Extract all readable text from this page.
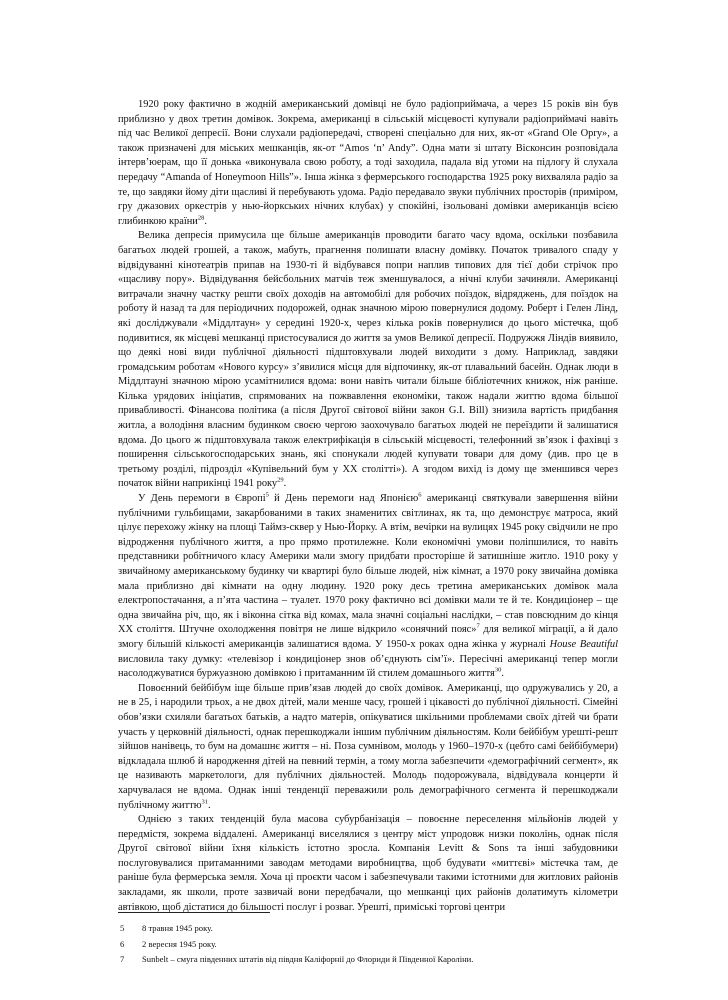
1920 року фактично в жодній американський домівці не було радіоприймача, а через 15 років він був приблизно у двох третин домівок. Зокрема, американці в сільській місцевості купували радіоприймачі навіть під час Великої депресії. Вони слухали радіопередачі, створені спеціально для них, як-от «Grand Ole Opry», а також призначені для міських мешканців, як-от “Amos ‘n’ Andy”. Одна мати зі штату Вісконсин розповідала інтерв’юерам, що її донька «виконувала свою роботу, а тоді заходила, падала від утоми на підлогу й слухала передачу “Amanda of Honeymoon Hills”». Інша жінка з фермерського господарства 1925 року вихваляла радіо за те, що завдяки йому діти щасливі й перебувають удома. Радіо передавало звуки публічних просторів (приміром, гру джазових оркестрів у нью-йоркських нічних клубах) у спокійні, ізольовані домівки американців всією глибинкою країни$^{28}$.

Велика депресія примусила ще більше американців проводити багато часу вдома, оскільки позбавила багатьох людей грошей, а також, мабуть, прагнення полишати власну домівку. Початок тривалого спаду у відвідуванні кінотеатрів припав на 1930-ті й відбувався попри наплив типових для тієї доби стрічок про «щасливу пору». Відвідування бейсбольних матчів теж зменшувалося, а нічні клуби зачиняли. Американці витрачали значну частку решти своїх доходів на автомобілі для робочих поїздок, відряджень, для поїздок на роботу й назад та для періодичних подорожей, однак значною мірою повернулися додому. Роберт і Гелен Лінд, які досліджували «Міддлтаун» у середині 1920-х, через кілька років повернулися до цього містечка, щоб подивитися, як місцеві мешканці пристосувалися до життя за умов Великої депресії. Подружжя Ліндів виявило, що деякі нові види публічної діяльності підштовхували людей виходити з дому. Наприклад, завдяки громадським роботам «Нового курсу» з’явилися місця для відпочинку, як-от плавальний басейн. Однак люди в Міддлтауні значною мірою усамітнилися вдома: вони навіть читали більше бібліотечних книжок, ніж раніше. Кілька урядових ініціатив, спрямованих на пожвавлення економіки, також надали життю вдома більшої привабливості. Фінансова політика (а після Другої світової війни закон G.I. Bill) знизила вартість придбання житла, а володіння власним будинком своєю чергою заохочувало багатьох людей не переїздити й залишатися вдома. До цього ж підштовхувала також електрифікація в сільській місцевості, телефонний зв’язок і фахівці з поширення сільськогосподарських знань, які спонукали людей купувати товари для дому (див. про це в третьому розділі, підрозділ «Купівельний бум у XX столітті»). А згодом вихід із дому ще зменшився через початок війни наприкінці 1941 року$^{29}$.

У День перемоги в Європі$^5$ й День перемоги над Японією$^6$ американці святкували завершення війни публічними гульбищами, закарбованими в таких знаменитих світлинах, як та, що демонструє матроса, який цілує перехожу жінку на площі Таймз-сквер у Нью-Йорку. А втім, вечірки на вулицях 1945 року свідчили не про відродження публічного життя, а про прямо протилежне. Коли економічні умови поліпшилися, то навіть представники робітничого класу Америки мали змогу придбати просторіше й затишніше житло. 1910 року у звичайному американському будинку чи квартирі було більше людей, ніж кімнат, а 1970 року звичайна домівка мала приблизно дві кімнати на одну людину. 1920 року десь третина американських домівок мала електропостачання, а п’ята частина – туалет. 1970 року фактично всі домівки мали те й те. Кондиціонер – ще одна звичайна річ, що, як і віконна сітка від комах, мала значні соціальні наслідки, – став повсюдним до кінця XX століття. Штучне охолодження повітря не лише відкрило «сонячний пояс»$^7$ для великої міграції, а й дало змогу більшій кількості американців залишатися вдома. У 1950-х роках одна жінка у журналі House Beautiful висловила таку думку: «телевізор і кондиціонер знов об’єднують сім’ї». Пересічні американці тепер могли насолоджуватися буржуазною домівкою і притаманним їй стилем домашнього життя$^{30}$.

Повоєнний бейбібум іще більше прив’язав людей до своїх домівок. Американці, що одружувались у 20, а не в 25, і народили трьох, а не двох дітей, мали менше часу, грошей і цікавості до публічної діяльності. Сімейні обов’язки схиляли багатьох батьків, а надто матерів, опікуватися шкільними проблемами своїх дітей чи брати участь у церковній діяльності, однак перешкоджали іншим публічним діяльностям. Коли бейбібум урешті-решт зійшов нанівець, то бум на домашнє життя – ні. Поза сумнівом, молодь у 1960–1970-х (цебто самі бейбібумери) відкладала шлюб й народження дітей на певний термін, а тому могла забезпечити «демографічний сегмент», як це називають маркетологи, для публічних діяльностей. Молодь подорожувала, відвідувала концерти й харчувалася не вдома. Однак інші тенденції переважили роль демографічного сегмента й перешкоджали публічному життю$^{31}$.

Однією з таких тенденцій була масова субурбанізація – повоєнне переселення мільйонів людей у передмістя, зокрема віддалені. Американці виселялися з центру міст упродовж низки поколінь, однак після Другої світової війни їхня кількість істотно зросла. Компанія Levitt & Sons та інші забудовники послуговувалися притаманними заводам методами виробництва, щоб будувати «миттєві» містечка там, де раніше була фермерська земля. Хоча ці проєкти часом і забезпечували такими істотними для житлових районів закладами, як школи, проте зазвичай вони передбачали, що мешканці цих районів долатимуть кілометри автівкою, щоб дістатися до більшості послуг і розваг. Урешті, приміські торгові центри

5 8 травня 1945 року.
6 2 вересня 1945 року.
7 Sunbelt – смуга південних штатів від півдня Каліфорнії до Флориди й Південної Кароліни.
